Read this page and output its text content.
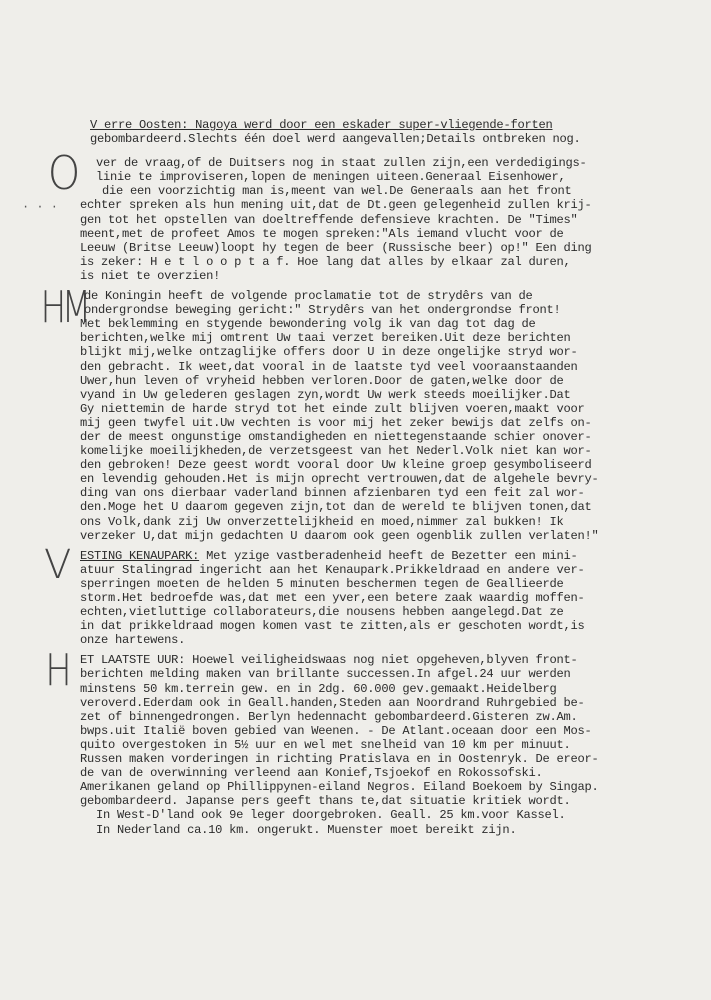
· · ·
V erre Oosten: Nagoya werd door een eskader super-vliegende-forten
gebombardeerd.Slechts één doel werd aangevallen;Details ontbreken nog.
O	ver de vraag,of de Duitsers nog in staat zullen zijn,een verdedigings-
linie te improviseren,lopen de meningen uiteen.Generaal Eisenhower,
die een voorzichtig man is,meent van wel.De Generaals aan het front
echter spreken als hun mening uit,dat de Dt.geen gelegenheid zullen krij-
gen tot het opstellen van doeltreffende defensieve krachten. De "Times"
meent,met de profeet Amos te mogen spreken:"Als iemand vlucht voor de
Leeuw (Britse Leeuw)loopt hy tegen de beer (Russische beer) op!" Een ding
is zeker: H e t l o o p t a f. Hoe lang dat alles by elkaar zal duren,
is niet te overzien!
HM
de Koningin heeft de volgende proclamatie tot de strydêrs van de
ondergrondse beweging gericht:" Strydêrs van het ondergrondse front!
Met beklemming en stygende bewondering volg ik van dag tot dag de
berichten,welke mij omtrent Uw taai verzet bereiken.Uit deze berichten
blijkt mij,welke ontzaglijke offers door U in deze ongelijke stryd wor-
den gebracht. Ik weet,dat vooral in de laatste tyd veel vooraanstaanden
Uwer,hun leven of vryheid hebben verloren.Door de gaten,welke door de
vyand in Uw gelederen geslagen zyn,wordt Uw werk steeds moeilijker.Dat
Gy niettemin de harde stryd tot het einde zult blijven voeren,maakt voor
mij geen twyfel uit.Uw vechten is voor mij het zeker bewijs dat zelfs on-
der de meest ongunstige omstandigheden en niettegenstaande schier onover-
komelijke moeilijkheden,de verzetsgeest van het Nederl.Volk niet kan wor-
den gebroken! Deze geest wordt vooral door Uw kleine groep gesymboliseerd
en levendig gehouden.Het is mijn oprecht vertrouwen,dat de algehele bevry-
ding van ons dierbaar vaderland binnen afzienbaren tyd een feit zal wor-
den.Moge het U daarom gegeven zijn,tot dan de wereld te blijven tonen,dat
ons Volk,dank zij Uw onverzettelijkheid en moed,nimmer zal bukken! Ik
verzeker U,dat mijn gedachten U daarom ook geen ogenblik zullen verlaten!"
V ESTING KENAUPARK: Met yzige vastberadenheid heeft de Bezetter een mini-
atuur Stalingrad ingericht aan het Kenaupark.Prikkeldraad en andere ver-
sperringen moeten de helden 5 minuten beschermen tegen de Geallieerde
storm.Het bedroefde was,dat met een yver,een betere zaak waardig moffen-
echten,vietluttige collaborateurs,die nousens hebben aangelegd.Dat ze
in dat prikkeldraad mogen komen vast te zitten,als er geschoten wordt,is
onze hartewens.
H ET LAATSTE UUR: Hoewel veiligheidswaas nog niet opgeheven,blyven front-
berichten melding maken van brillante successen.In afgel.24 uur werden
minstens 50 km.terrein gew. en in 2dg. 60.000 gev.gemaakt.Heidelberg
veroverd.Ederdam ook in Geall.handen,Steden aan Noordrand Ruhrgebied be-
zet of binnengedrongen. Berlyn hedennacht gebombardeerd.Gisteren zw.Am.
bwps.uit Italië boven gebied van Weenen. - De Atlant.oceaan door een Mos-
quito overgestoken in 5½ uur en wel met snelheid van 10 km per minuut.
Russen maken vorderingen in richting Pratislava en in Oostenryk. De ereor-
de van de overwinning verleend aan Konief,Tsjoekof en Rokossofski.
Amerikanen geland op Phillippynen-eiland Negros. Eiland Boekoem by Singap.
gebombardeerd. Japanse pers geeft thans te,dat situatie kritiek wordt.
In West-D'land ook 9e leger doorgebroken. Geall. 25 km.voor Kassel.
In Nederland ca.10 km. ongerukt. Muenster moet bereikt zijn.
